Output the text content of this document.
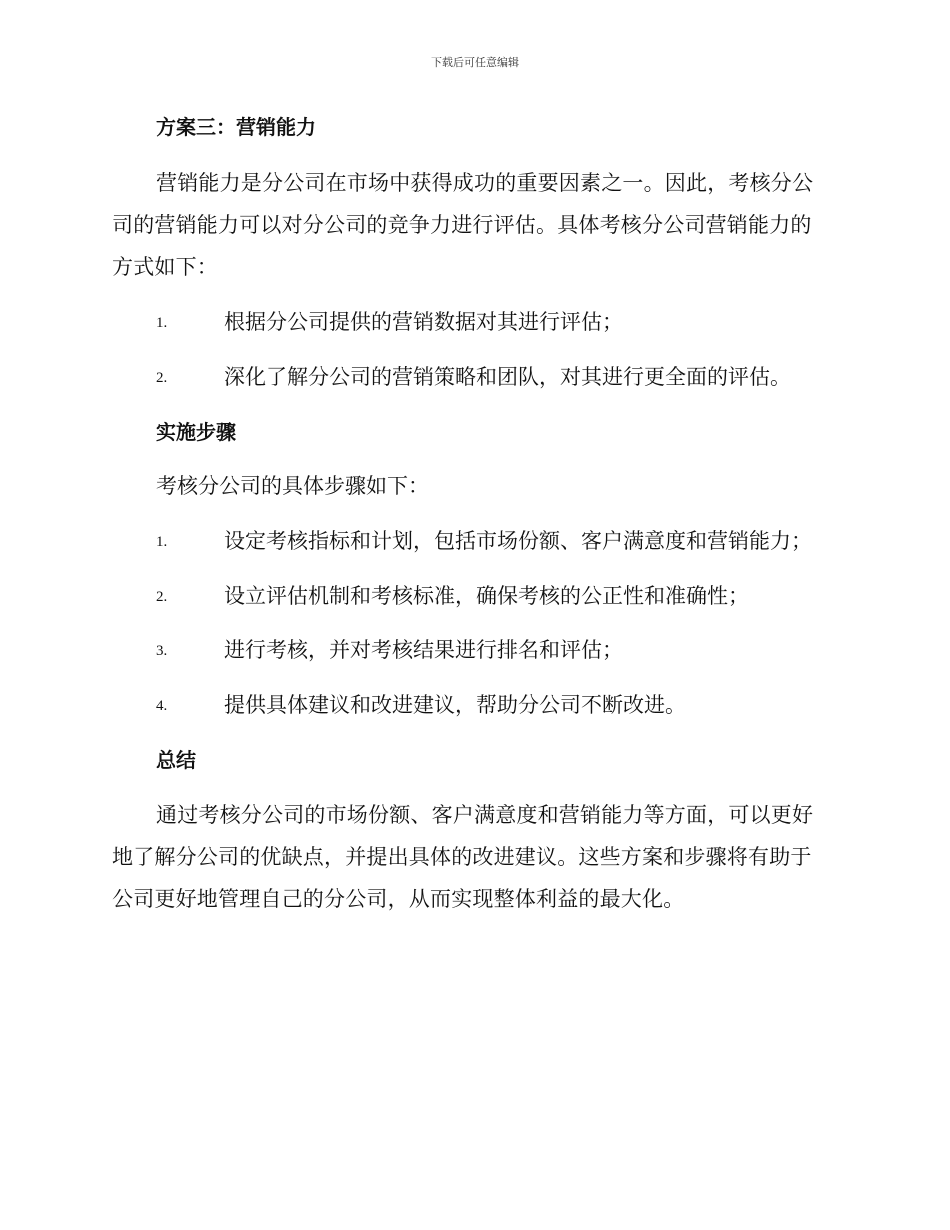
下载后可任意编辑
方案三：营销能力
营销能力是分公司在市场中获得成功的重要因素之一。因此，考核分公司的营销能力可以对分公司的竞争力进行评估。具体考核分公司营销能力的方式如下：
1.	根据分公司提供的营销数据对其进行评估；
2.	深化了解分公司的营销策略和团队，对其进行更全面的评估。
实施步骤
考核分公司的具体步骤如下：
1.	设定考核指标和计划，包括市场份额、客户满意度和营销能力；
2.	设立评估机制和考核标准，确保考核的公正性和准确性；
3.	进行考核，并对考核结果进行排名和评估；
4.	提供具体建议和改进建议，帮助分公司不断改进。
总结
通过考核分公司的市场份额、客户满意度和营销能力等方面，可以更好地了解分公司的优缺点，并提出具体的改进建议。这些方案和步骤将有助于公司更好地管理自己的分公司，从而实现整体利益的最大化。
